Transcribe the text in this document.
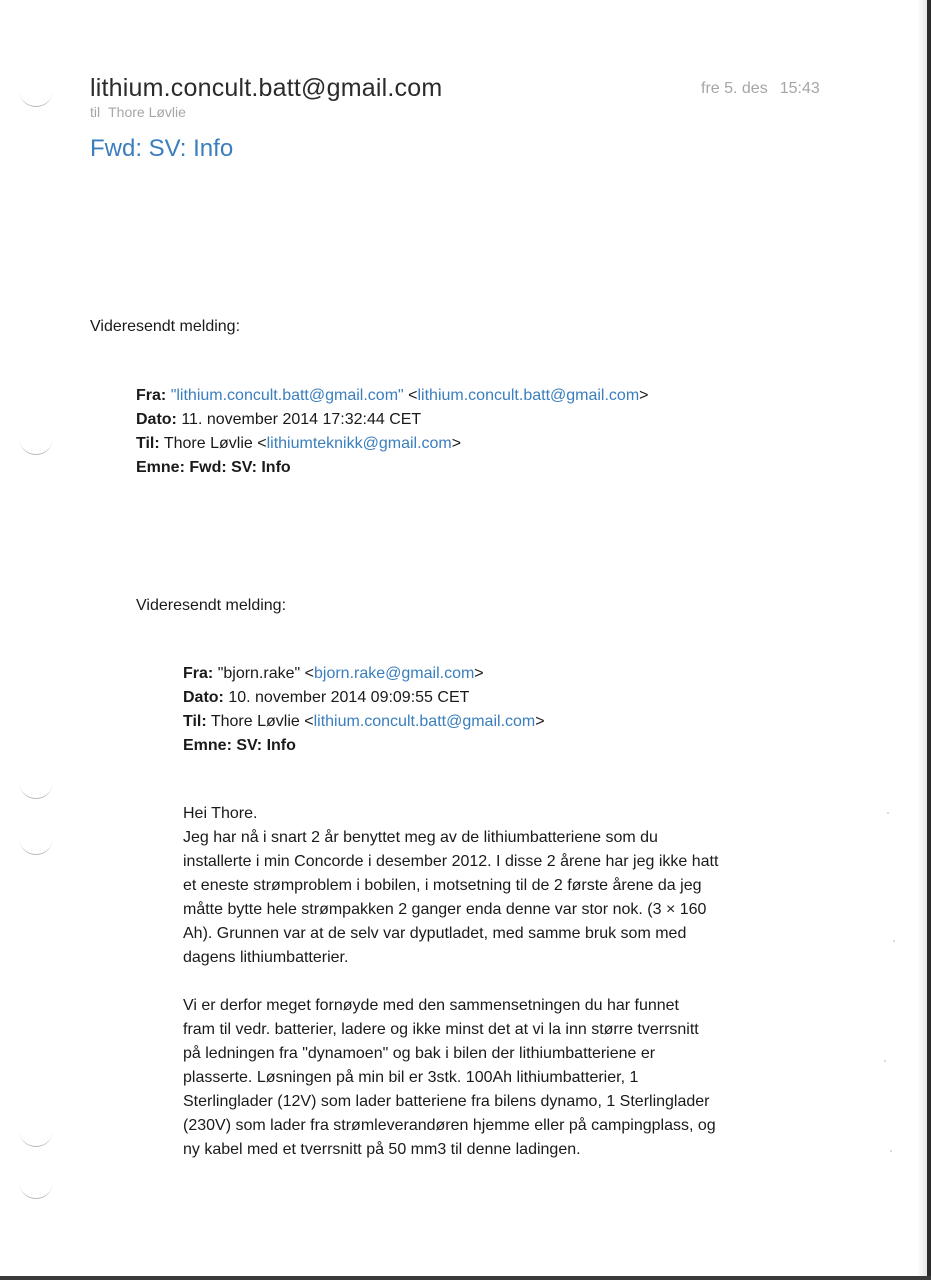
lithium.concult.batt@gmail.com
til Thore Løvlie
fre 5. des 15:43
Fwd: SV: Info
Videresendt melding:
Fra: "lithium.concult.batt@gmail.com" <lithium.concult.batt@gmail.com>
Dato: 11. november 2014 17:32:44 CET
Til: Thore Løvlie <lithiumteknikk@gmail.com>
Emne: Fwd: SV: Info
Videresendt melding:
Fra: "bjorn.rake" <bjorn.rake@gmail.com>
Dato: 10. november 2014 09:09:55 CET
Til: Thore Løvlie <lithium.concult.batt@gmail.com>
Emne: SV: Info

Hei Thore.

Jeg har nå i snart 2 år benyttet meg av de lithiumbatteriene som du
installerte i min Concorde i desember 2012. I disse 2 årene har jeg ikke hatt
et eneste strømproblem i bobilen, i motsetning til de 2 første årene da jeg
måtte bytte hele strømpakken 2 ganger enda denne var stor nok. (3 × 160
Ah). Grunnen var at de selv var dyputladet, med samme bruk som med
dagens lithiumbatterier.
Vi er derfor meget fornøyde med den sammensetningen du har funnet
fram til vedr. batterier, ladere og ikke minst det at vi la inn større tverrsnitt
på ledningen fra "dynamoen" og bak i bilen der lithiumbatteriene er
plasserte. Løsningen på min bil er 3stk. 100Ah lithiumbatterier, 1
Sterlinglader (12V) som lader batteriene fra bilens dynamo, 1 Sterlinglader
(230V) som lader fra strømleverandøren hjemme eller på campingplass, og
ny kabel med et tverrsnitt på 50 mm3 til denne ladingen.
